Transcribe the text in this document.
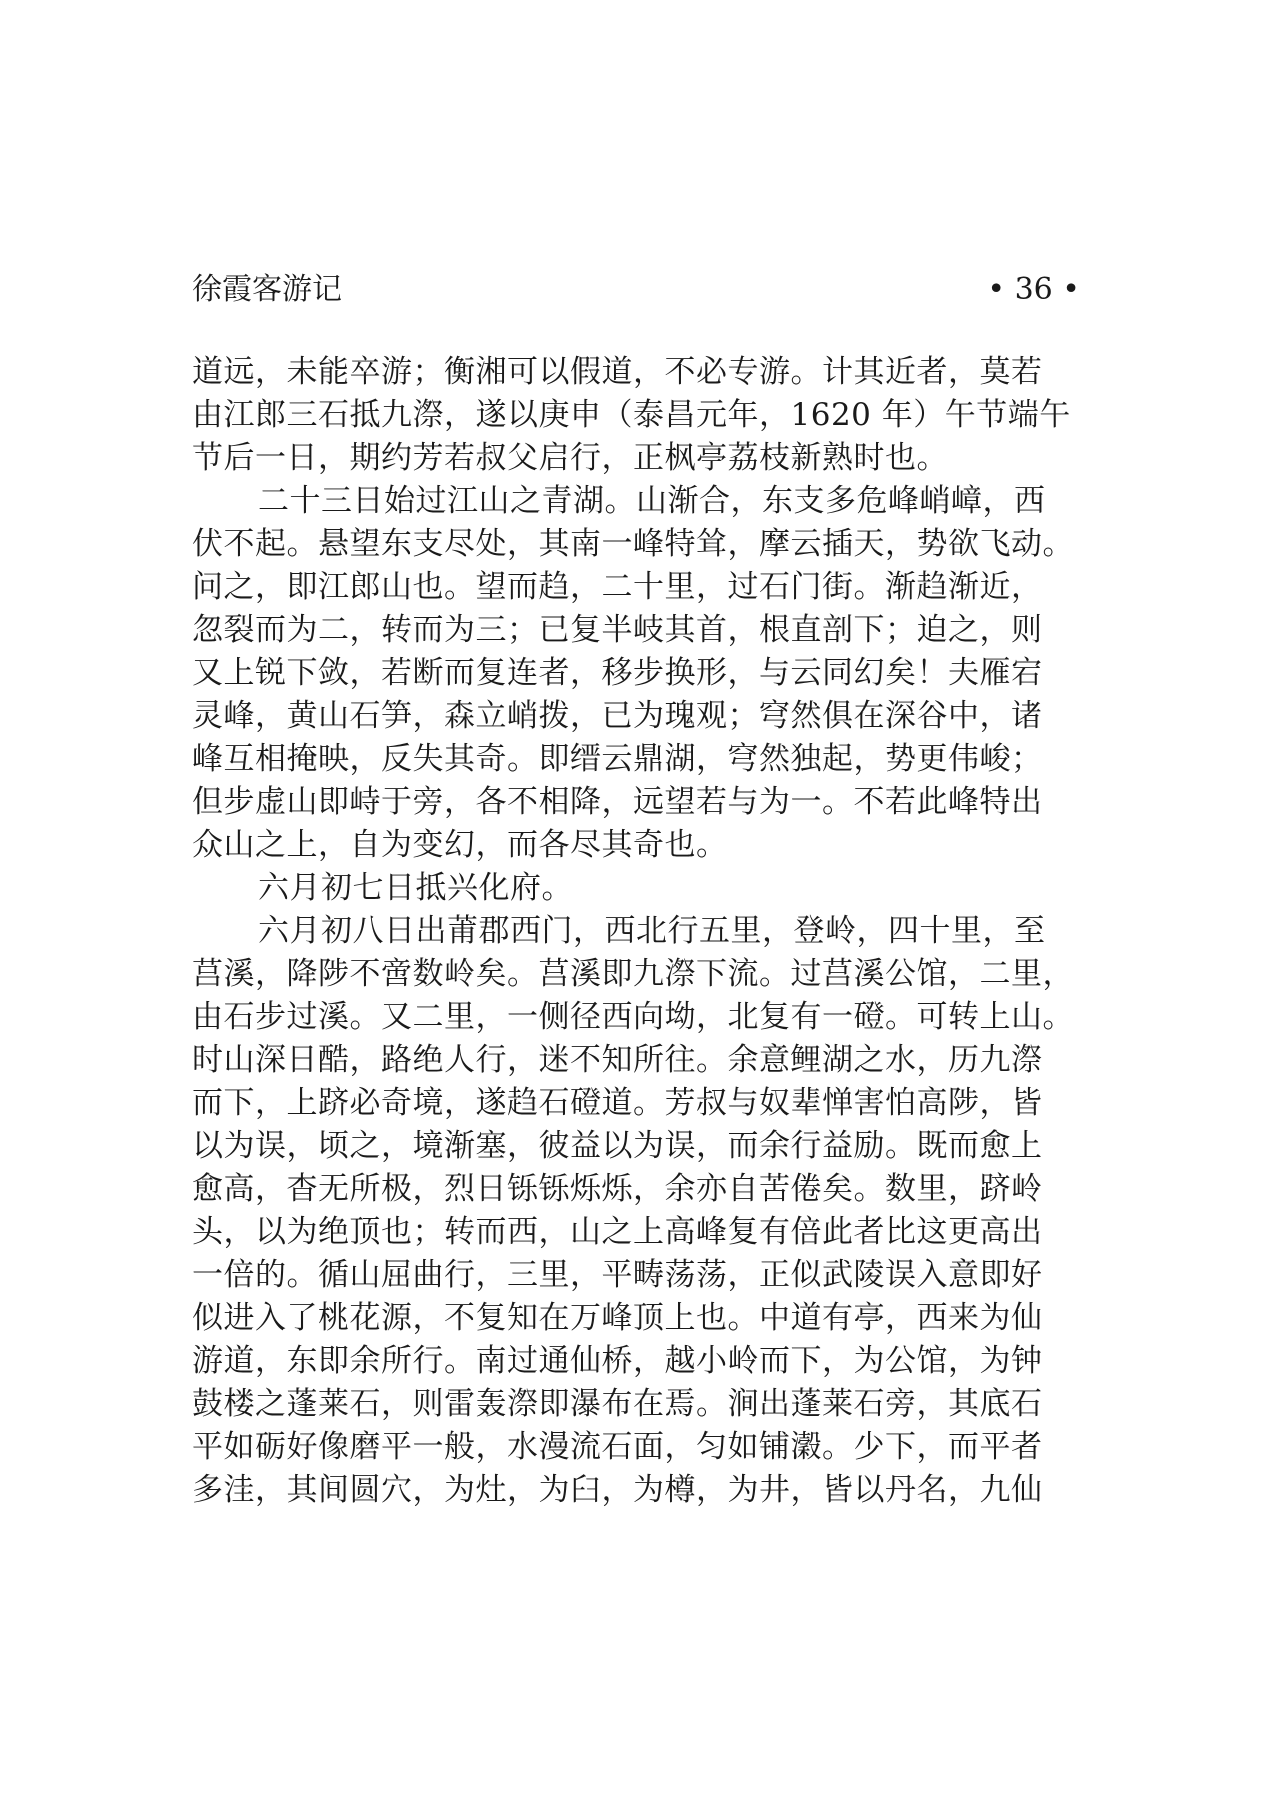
徐霞客游记	• 36 •
道远，未能卒游；衡湘可以假道，不必专游。计其近者，莫若
由江郎三石抵九漈，遂以庚申（泰昌元年，1620 年）午节端午
节后一日，期约芳若叔父启行，正枫亭荔枝新熟时也。
二十三日始过江山之青湖。山渐合，东支多危峰峭嶂，西
伏不起。悬望东支尽处，其南一峰特耸，摩云插天，势欲飞动。
问之，即江郎山也。望而趋，二十里，过石门街。渐趋渐近，
忽裂而为二，转而为三；已复半岐其首，根直剖下；迫之，则
又上锐下敛，若断而复连者，移步换形，与云同幻矣！夫雁宕
灵峰，黄山石笋，森立峭拨，已为瑰观；穹然俱在深谷中，诸
峰互相掩映，反失其奇。即缙云鼎湖，穹然独起，势更伟峻；
但步虚山即峙于旁，各不相降，远望若与为一。不若此峰特出
众山之上，自为变幻，而各尽其奇也。
六月初七日抵兴化府。
六月初八日出莆郡西门，西北行五里，登岭，四十里，至
莒溪，降陟不啻数岭矣。莒溪即九漈下流。过莒溪公馆，二里，
由石步过溪。又二里，一侧径西向坳，北复有一磴。可转上山。
时山深日酷，路绝人行，迷不知所往。余意鲤湖之水，历九漈
而下，上跻必奇境，遂趋石磴道。芳叔与奴辈惮害怕高陟，皆
以为误，顷之，境渐塞，彼益以为误，而余行益励。既而愈上
愈高，杳无所极，烈日铄铄烁烁，余亦自苦倦矣。数里，跻岭
头，以为绝顶也；转而西，山之上高峰复有倍此者比这更高出
一倍的。循山屈曲行，三里，平畴荡荡，正似武陵误入意即好
似进入了桃花源，不复知在万峰顶上也。中道有亭，西来为仙
游道，东即余所行。南过通仙桥，越小岭而下，为公馆，为钟
鼓楼之蓬莱石，则雷轰漈即瀑布在焉。涧出蓬莱石旁，其底石
平如砺好像磨平一般，水漫流石面，匀如铺瀔。少下，而平者
多洼，其间圆穴，为灶，为臼，为樽，为井，皆以丹名，九仙
